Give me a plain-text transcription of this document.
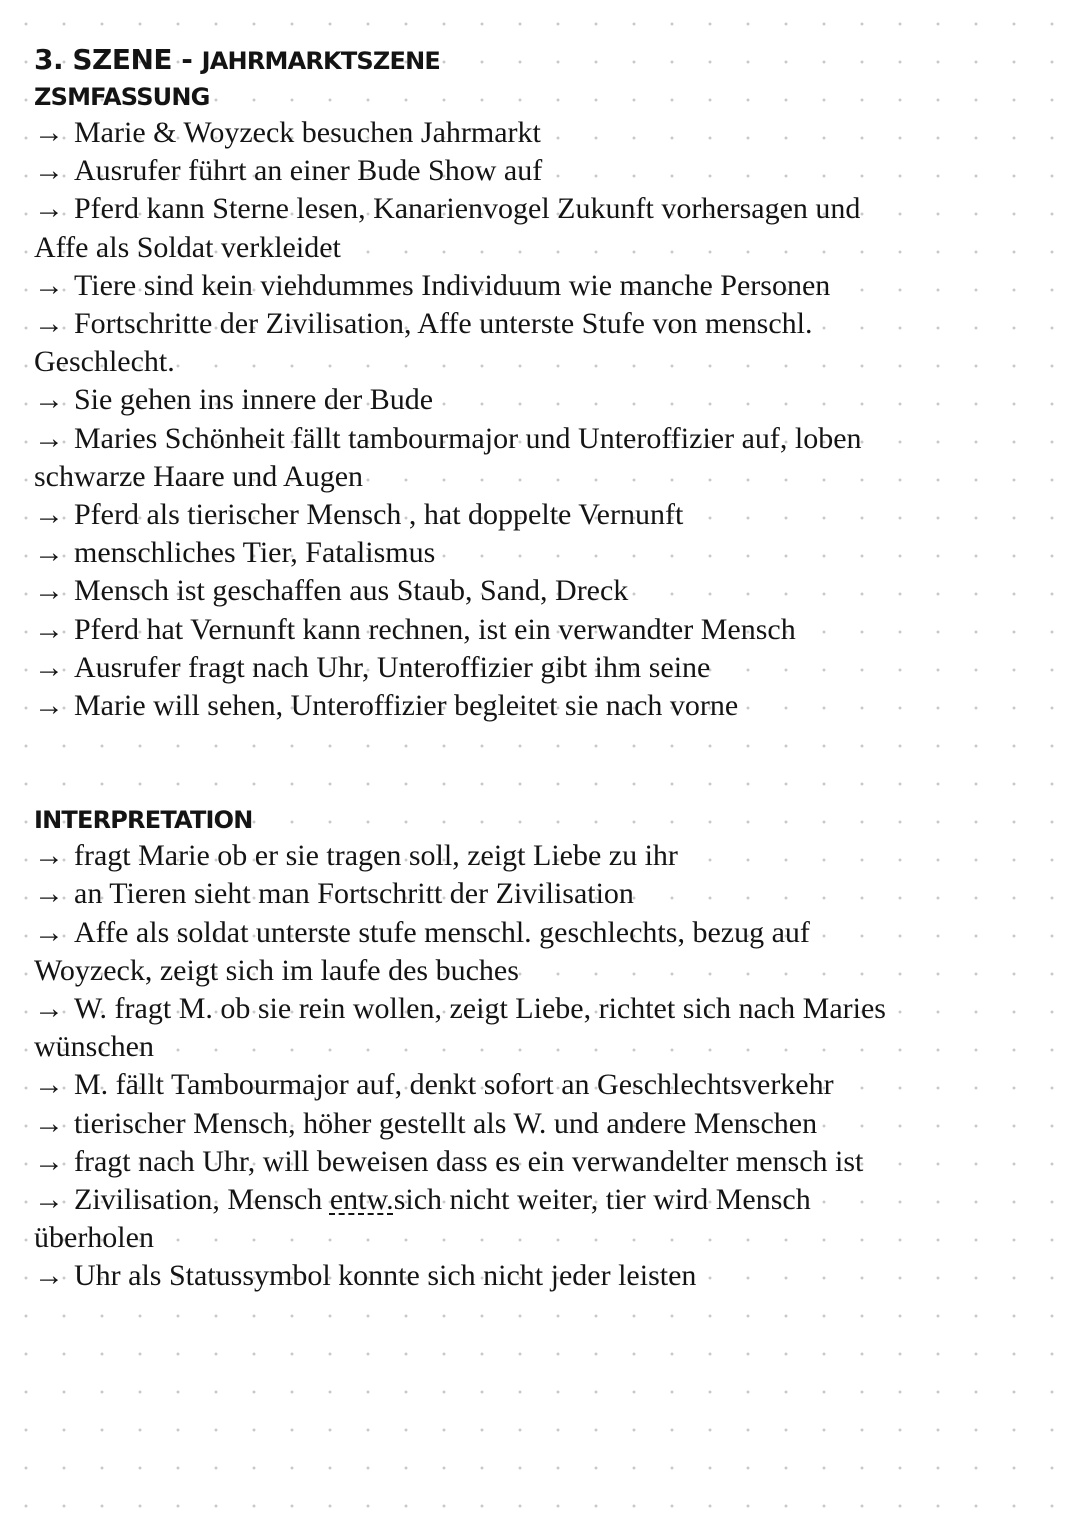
3. SZENE - JAHRMARKTSZENE
ZSMFASSUNG
→ Marie & Woyzeck besuchen Jahrmarkt
→ Ausrufer führt an einer Bude Show auf
→ Pferd kann Sterne lesen, Kanarienvogel Zukunft vorhersagen und Affe als Soldat verkleidet
→ Tiere sind kein viehdummes Individuum wie manche Personen
→ Fortschritte der Zivilisation, Affe unterste Stufe von menschl. Geschlecht.
→ Sie gehen ins innere der Bude
→ Maries Schönheit fällt tambourmajor und Unteroffizier auf, loben schwarze Haare und Augen
→ Pferd als tierischer Mensch , hat doppelte Vernunft
→ menschliches Tier, Fatalismus
→ Mensch ist geschaffen aus Staub, Sand, Dreck
→ Pferd hat Vernunft kann rechnen, ist ein verwandter Mensch
→ Ausrufer fragt nach Uhr, Unteroffizier gibt ihm seine
→ Marie will sehen, Unteroffizier begleitet sie nach vorne
INTERPRETATION
→ fragt Marie ob er sie tragen soll, zeigt Liebe zu ihr
→ an Tieren sieht man Fortschritt der Zivilisation
→ Affe als soldat unterste stufe menschl. geschlechts, bezug auf Woyzeck, zeigt sich im laufe des buches
→ W. fragt M. ob sie rein wollen, zeigt Liebe, richtet sich nach Maries wünschen
→ M. fällt Tambourmajor auf, denkt sofort an Geschlechtsverkehr
→ tierischer Mensch, höher gestellt als W. und andere Menschen
→ fragt nach Uhr, will beweisen dass es ein verwandelter mensch ist
→ Zivilisation, Mensch entw.sich nicht weiter, tier wird Mensch überholen
→ Uhr als Statussymbol konnte sich nicht jeder leisten
